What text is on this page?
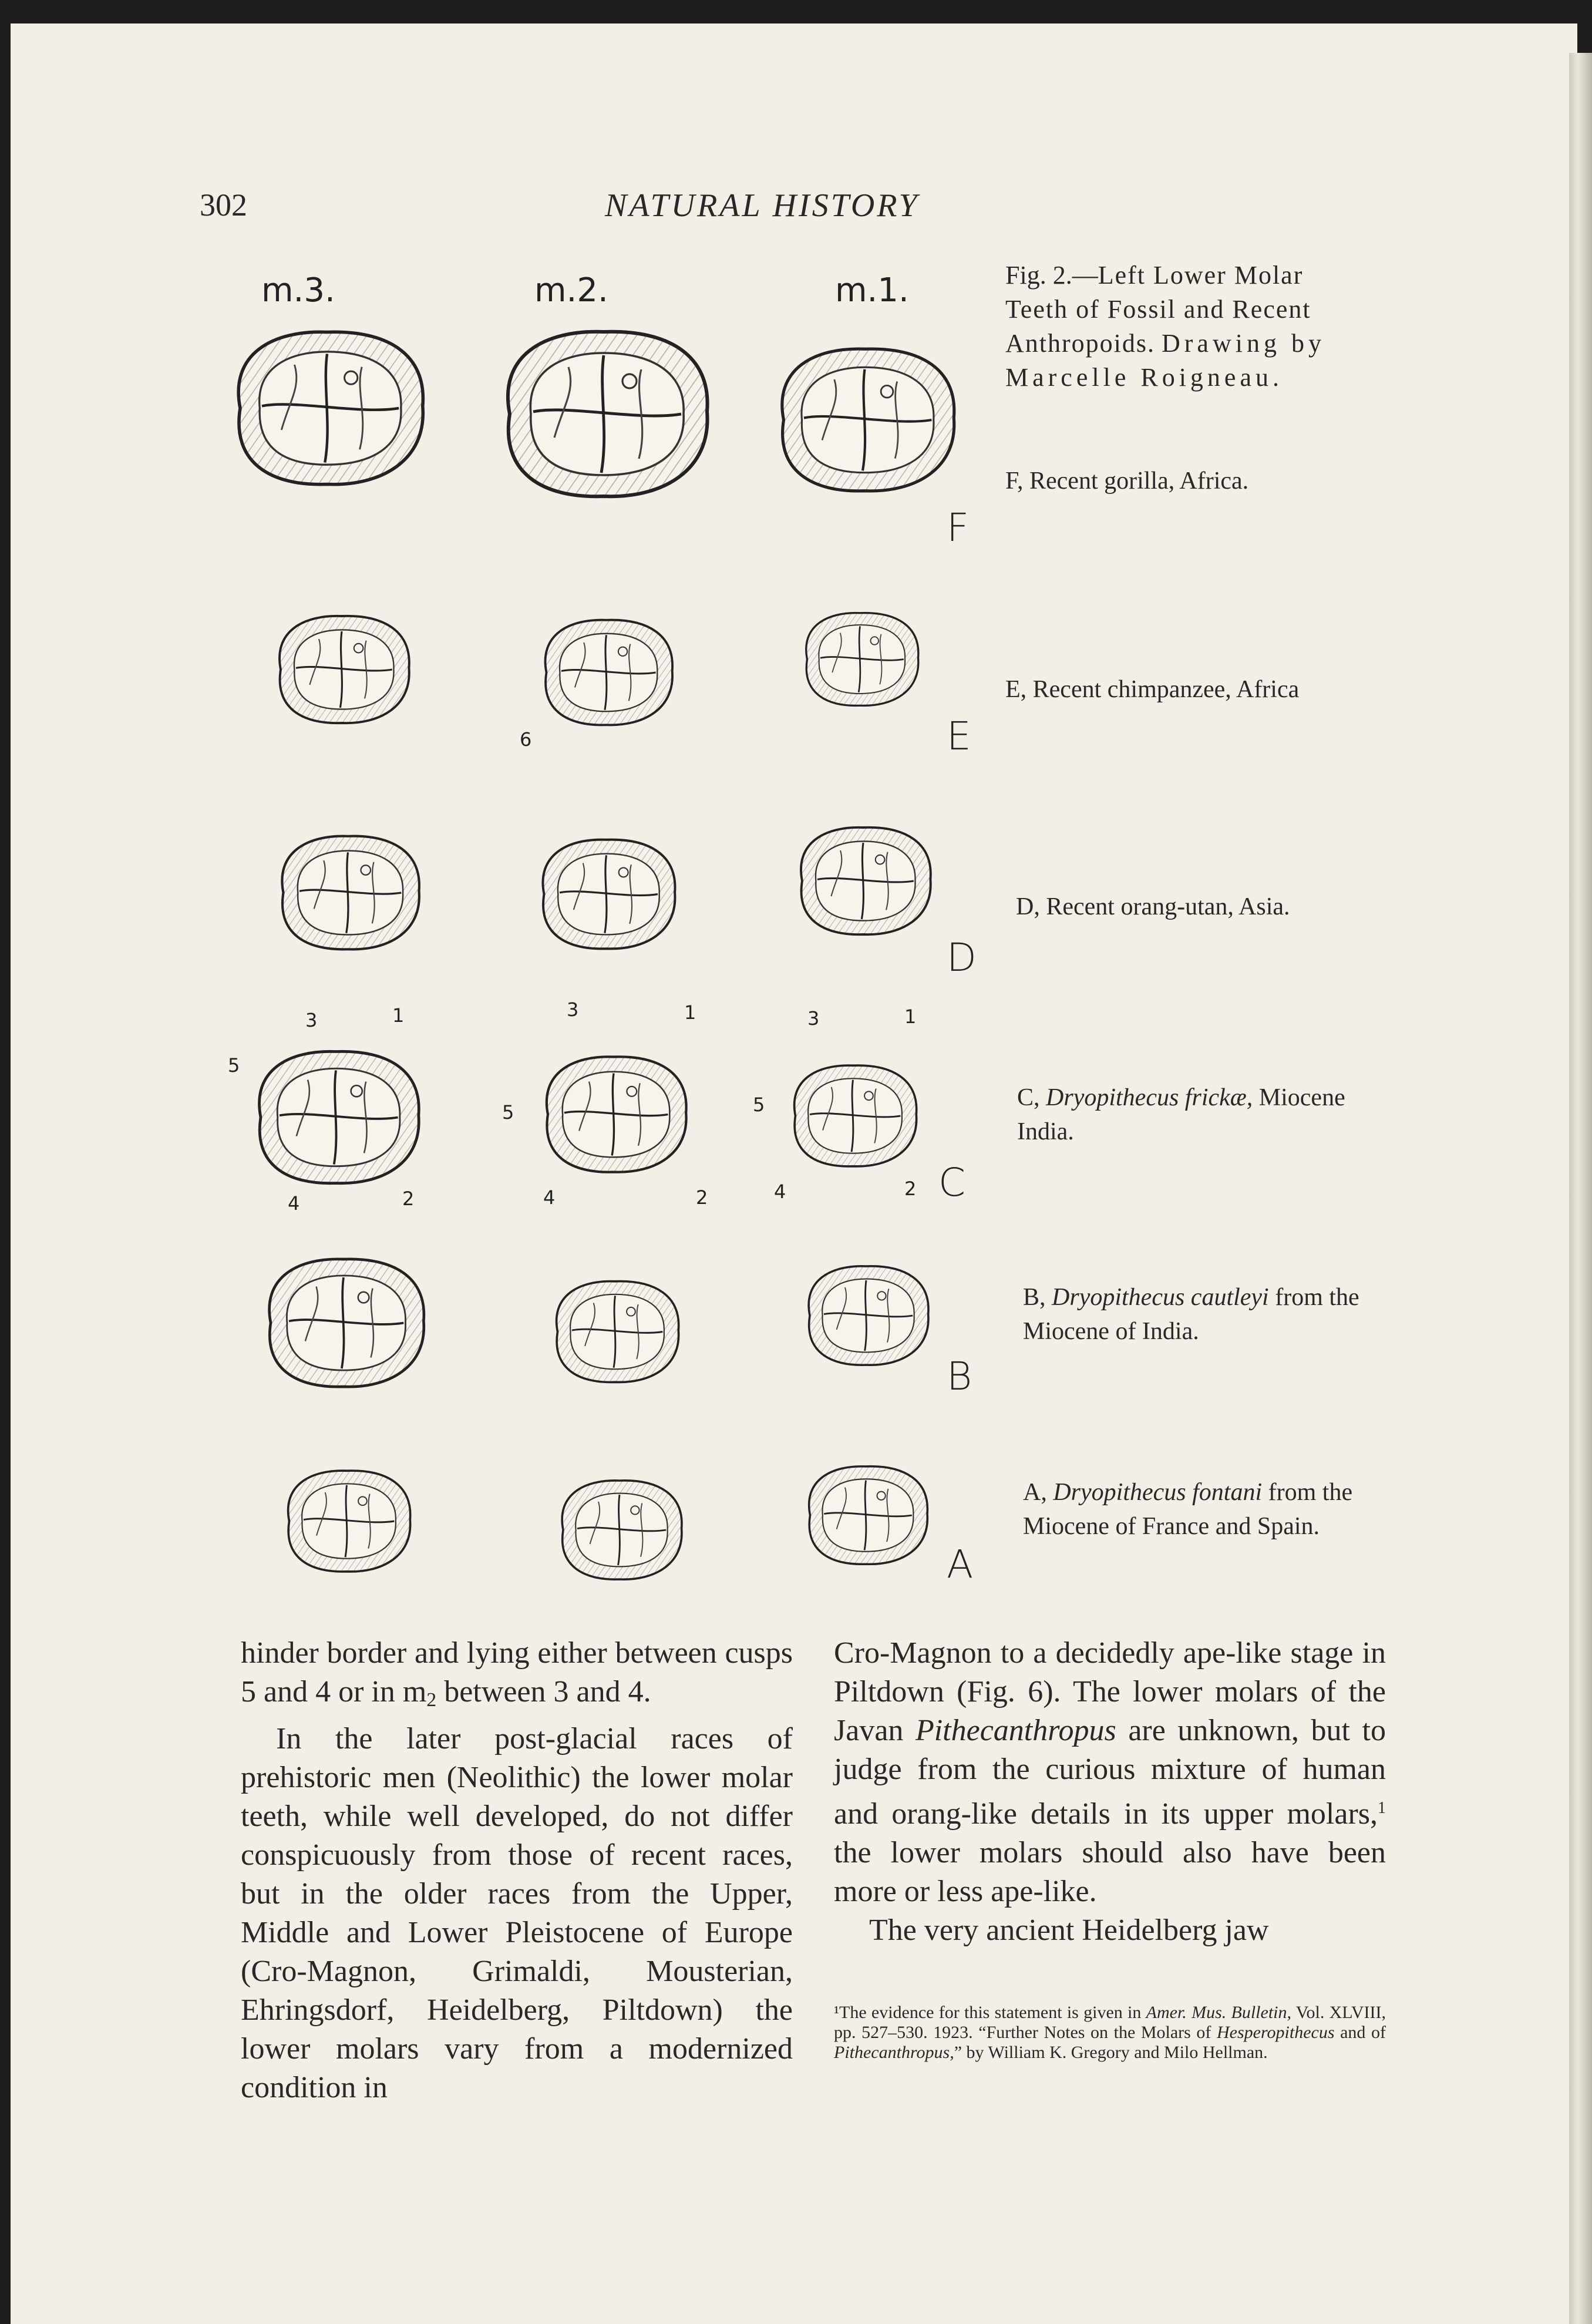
302	NATURAL HISTORY
m.3.	m.2.	m.1.
F
6	E
D
3	1
5
4	2
3	1
5
4	2
3	1
5
4	2 C
B
A

Fig. 2.—Left Lower Molar Teeth of Fossil and Recent Anthropoids. Drawing by Marcelle Roigneau.

F, Recent gorilla, Africa.
E, Recent chimpanzee, Africa
D, Recent orang-utan, Asia.
C, Dryopithecus frickæ, Miocene India.
B, Dryopithecus cautleyi from the Miocene of India.
A, Dryopithecus fontani from the Miocene of France and Spain.

hinder border and lying either between cusps 5 and 4 or in $m_2$ between 3 and 4.

In the later post-glacial races of prehistoric men (Neolithic) the lower molar teeth, while well developed, do not differ conspicuously from those of recent races, but in the older races from the Upper, Middle and Lower Pleistocene of Europe (Cro-Magnon, Grimaldi, Mousterian, Ehringsdorf, Heidelberg, Piltdown) the lower molars vary from a modernized condition in

Cro-Magnon to a decidedly ape-like stage in Piltdown (Fig. 6). The lower molars of the Javan Pithecanthropus are unknown, but to judge from the curious mixture of human and orang-like details in its upper molars,$^1$ the lower molars should also have been more or less ape-like.

The very ancient Heidelberg jaw

¹The evidence for this statement is given in Amer. Mus. Bulletin, Vol. XLVIII, pp. 527–530. 1923. “Further Notes on the Molars of Hesperopithecus and of Pithecanthropus,” by William K. Gregory and Milo Hellman.
